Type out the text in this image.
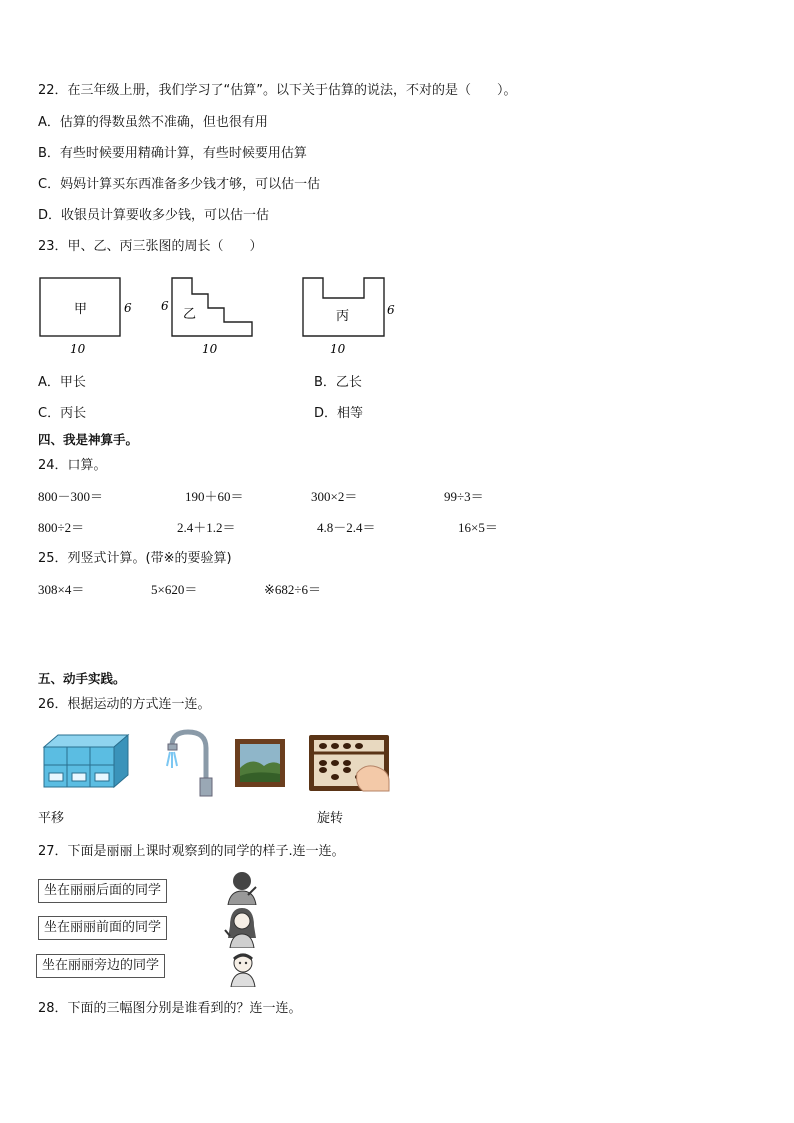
22．在三年级上册，我们学习了“估算”。以下关于估算的说法，不对的是（　　）。
A．估算的得数虽然不准确，但也很有用
B．有些时候要用精确计算，有些时候要用估算
C．妈妈计算买东西准备多少钱才够，可以估一估
D．收银员计算要收多少钱，可以估一估
23．甲、乙、丙三张图的周长（　　）
甲	6
10
乙
6
10
丙	6
10
A．甲长	B．乙长
C．丙长	D．相等
四、我是神算手。
24．口算。
800－300＝	190＋60＝	300×2＝	99÷3＝
800÷2＝	2.4＋1.2＝	4.8－2.4＝	16×5＝
25．列竖式计算。(带※的要验算)
308×4＝	5×620＝	※682÷6＝
五、动手实践。
26．根据运动的方式连一连。
平移	旋转
27．下面是丽丽上课时观察到的同学的样子.连一连。
坐在丽丽后面的同学
坐在丽丽前面的同学
坐在丽丽旁边的同学
28．下面的三幅图分别是谁看到的？连一连。
